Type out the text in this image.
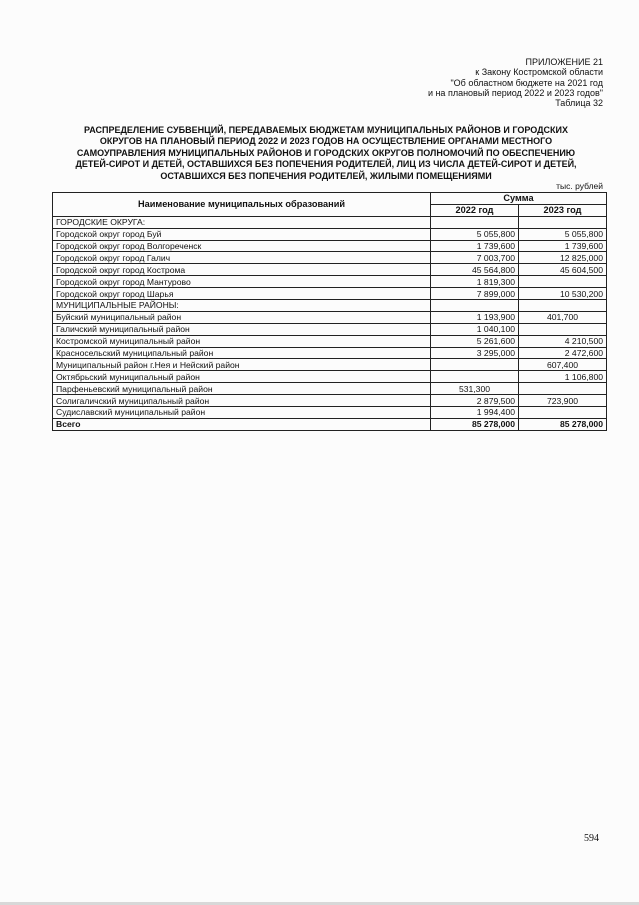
ПРИЛОЖЕНИЕ 21
к Закону Костромской области
"Об областном бюджете на 2021 год
и на плановый период 2022 и 2023 годов"
Таблица 32
РАСПРЕДЕЛЕНИЕ СУБВЕНЦИЙ, ПЕРЕДАВАЕМЫХ БЮДЖЕТАМ МУНИЦИПАЛЬНЫХ РАЙОНОВ И ГОРОДСКИХ
ОКРУГОВ НА ПЛАНОВЫЙ ПЕРИОД 2022 И 2023 ГОДОВ НА ОСУЩЕСТВЛЕНИЕ ОРГАНАМИ МЕСТНОГО
САМОУПРАВЛЕНИЯ МУНИЦИПАЛЬНЫХ РАЙОНОВ И ГОРОДСКИХ ОКРУГОВ ПОЛНОМОЧИЙ ПО ОБЕСПЕЧЕНИЮ
ДЕТЕЙ-СИРОТ И ДЕТЕЙ, ОСТАВШИХСЯ БЕЗ ПОПЕЧЕНИЯ РОДИТЕЛЕЙ, ЛИЦ ИЗ ЧИСЛА ДЕТЕЙ-СИРОТ И ДЕТЕЙ,
ОСТАВШИХСЯ БЕЗ ПОПЕЧЕНИЯ РОДИТЕЛЕЙ, ЖИЛЫМИ ПОМЕЩЕНИЯМИ
тыс. рублей
Наименование муниципальных образований	Сумма	
	2022 год	2023 год
ГОРОДСКИЕ ОКРУГА:		
Городской округ город Буй	5 055,800	5 055,800
Городской округ город Волгореченск	1 739,600	1 739,600
Городской округ город Галич	7 003,700	12 825,000
Городской округ город Кострома	45 564,800	45 604,500
Городской округ город Мантурово	1 819,300	
Городской округ город Шарья	7 899,000	10 530,200
МУНИЦИПАЛЬНЫЕ РАЙОНЫ:		
Буйский муниципальный район	1 193,900	401,700
Галичский муниципальный район	1 040,100	
Костромской муниципальный район	5 261,600	4 210,500
Красносельский муниципальный район	3 295,000	2 472,600
Муниципальный район г.Нея и Нейский район		607,400
Октябрьский муниципальный район		1 106,800
Парфеньевский муниципальный район	531,300	
Солигаличский муниципальный район	2 879,500	723,900
Судиславский муниципальный район	1 994,400	
Всего	85 278,000	85 278,000
594
